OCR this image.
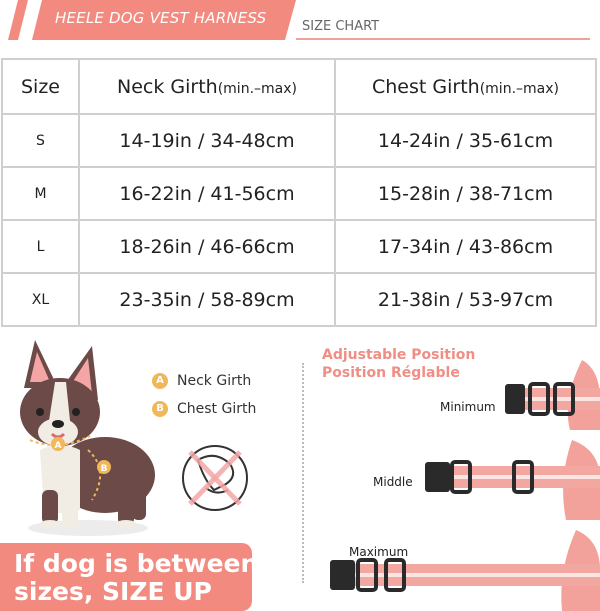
HEELE DOG VEST HARNESS	SIZE CHART
Size	Neck Girth(min.–max)	Chest Girth(min.–max)
S	14-19in / 34-48cm	14-24in / 35-61cm
M	16-22in / 41-56cm	15-28in / 38-71cm
L	18-26in / 46-66cm	17-34in / 43-86cm
XL	23-35in / 58-89cm	21-38in / 53-97cm
A
B
A Neck Girth
B Chest Girth
Adjustable Position
Position Réglable
Minimum
Middle
Maximum
If dog is between
sizes, SIZE UP
